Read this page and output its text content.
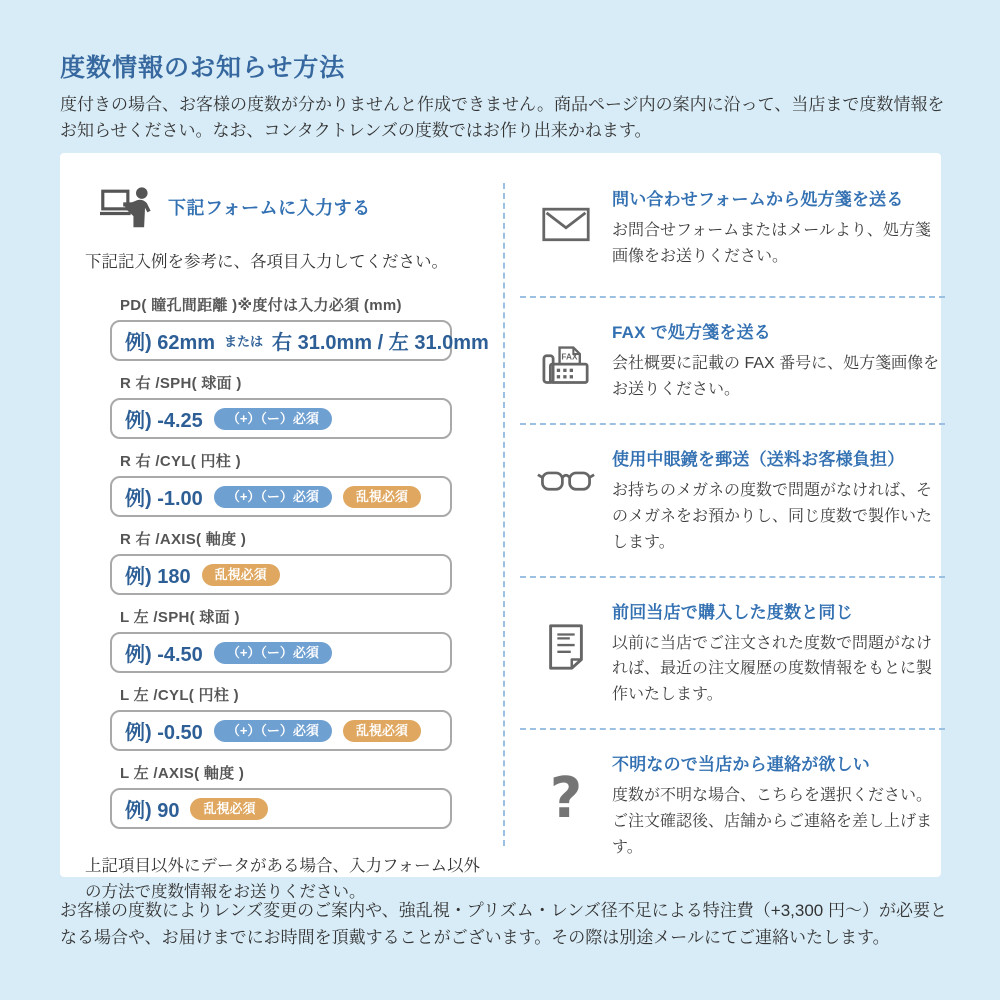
度数情報のお知らせ方法
度付きの場合、お客様の度数が分かりませんと作成できません。商品ページ内の案内に沿って、当店まで度数情報をお知らせください。なお、コンタクトレンズの度数ではお作り出来かねます。
下記フォームに入力する

下記記入例を参考に、各項目入力してください。

PD( 瞳孔間距離 )※度付は入力必須 (mm)
例) 62mm または 右 31.0mm / 左 31.0mm
R 右 /SPH( 球面 )
例) -4.25	（+）（ー）必須
R 右 /CYL( 円柱 )
例) -1.00	（+）（ー）必須	乱視必須
R 右 /AXIS( 軸度 )
例) 180	乱視必須
L 左 /SPH( 球面 )
例) -4.50	（+）（ー）必須
L 左 /CYL( 円柱 )
例) -0.50	（+）（ー）必須	乱視必須
L 左 /AXIS( 軸度 )
例) 90	乱視必須

上記項目以外にデータがある場合、入力フォーム以外の方法で度数情報をお送りください。

問い合わせフォームから処方箋を送る
お問合せフォームまたはメールより、処方箋画像をお送りください。
FAX
FAX で処方箋を送る
会社概要に記載の FAX 番号に、処方箋画像をお送りください。
使用中眼鏡を郵送（送料お客様負担）
お持ちのメガネの度数で問題がなければ、そのメガネをお預かりし、同じ度数で製作いたします。
前回当店で購入した度数と同じ
以前に当店でご注文された度数で問題がなければ、最近の注文履歴の度数情報をもとに製作いたします。
?
不明なので当店から連絡が欲しい
度数が不明な場合、こちらを選択ください。ご注文確認後、店舗からご連絡を差し上げます。
お客様の度数によりレンズ変更のご案内や、強乱視・プリズム・レンズ径不足による特注費（+3,300 円〜）が必要となる場合や、お届けまでにお時間を頂戴することがございます。その際は別途メールにてご連絡いたします。
